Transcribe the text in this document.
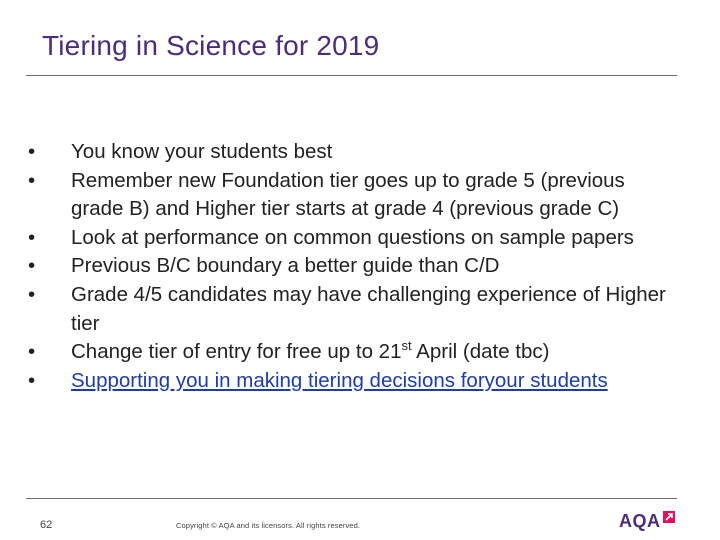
Tiering in Science for 2019
• You know your students best
• Remember new Foundation tier goes up to grade 5 (previous grade B) and Higher tier starts at grade 4 (previous grade C)
• Look at performance on common questions on sample papers
• Previous B/C boundary a better guide than C/D
• Grade 4/5 candidates may have challenging experience of Higher tier
• Change tier of entry for free up to 21st April (date tbc)
• Supporting you in making tiering decisions foryour students
62	Copyright © AQA and its licensors. All rights reserved.	AQA
